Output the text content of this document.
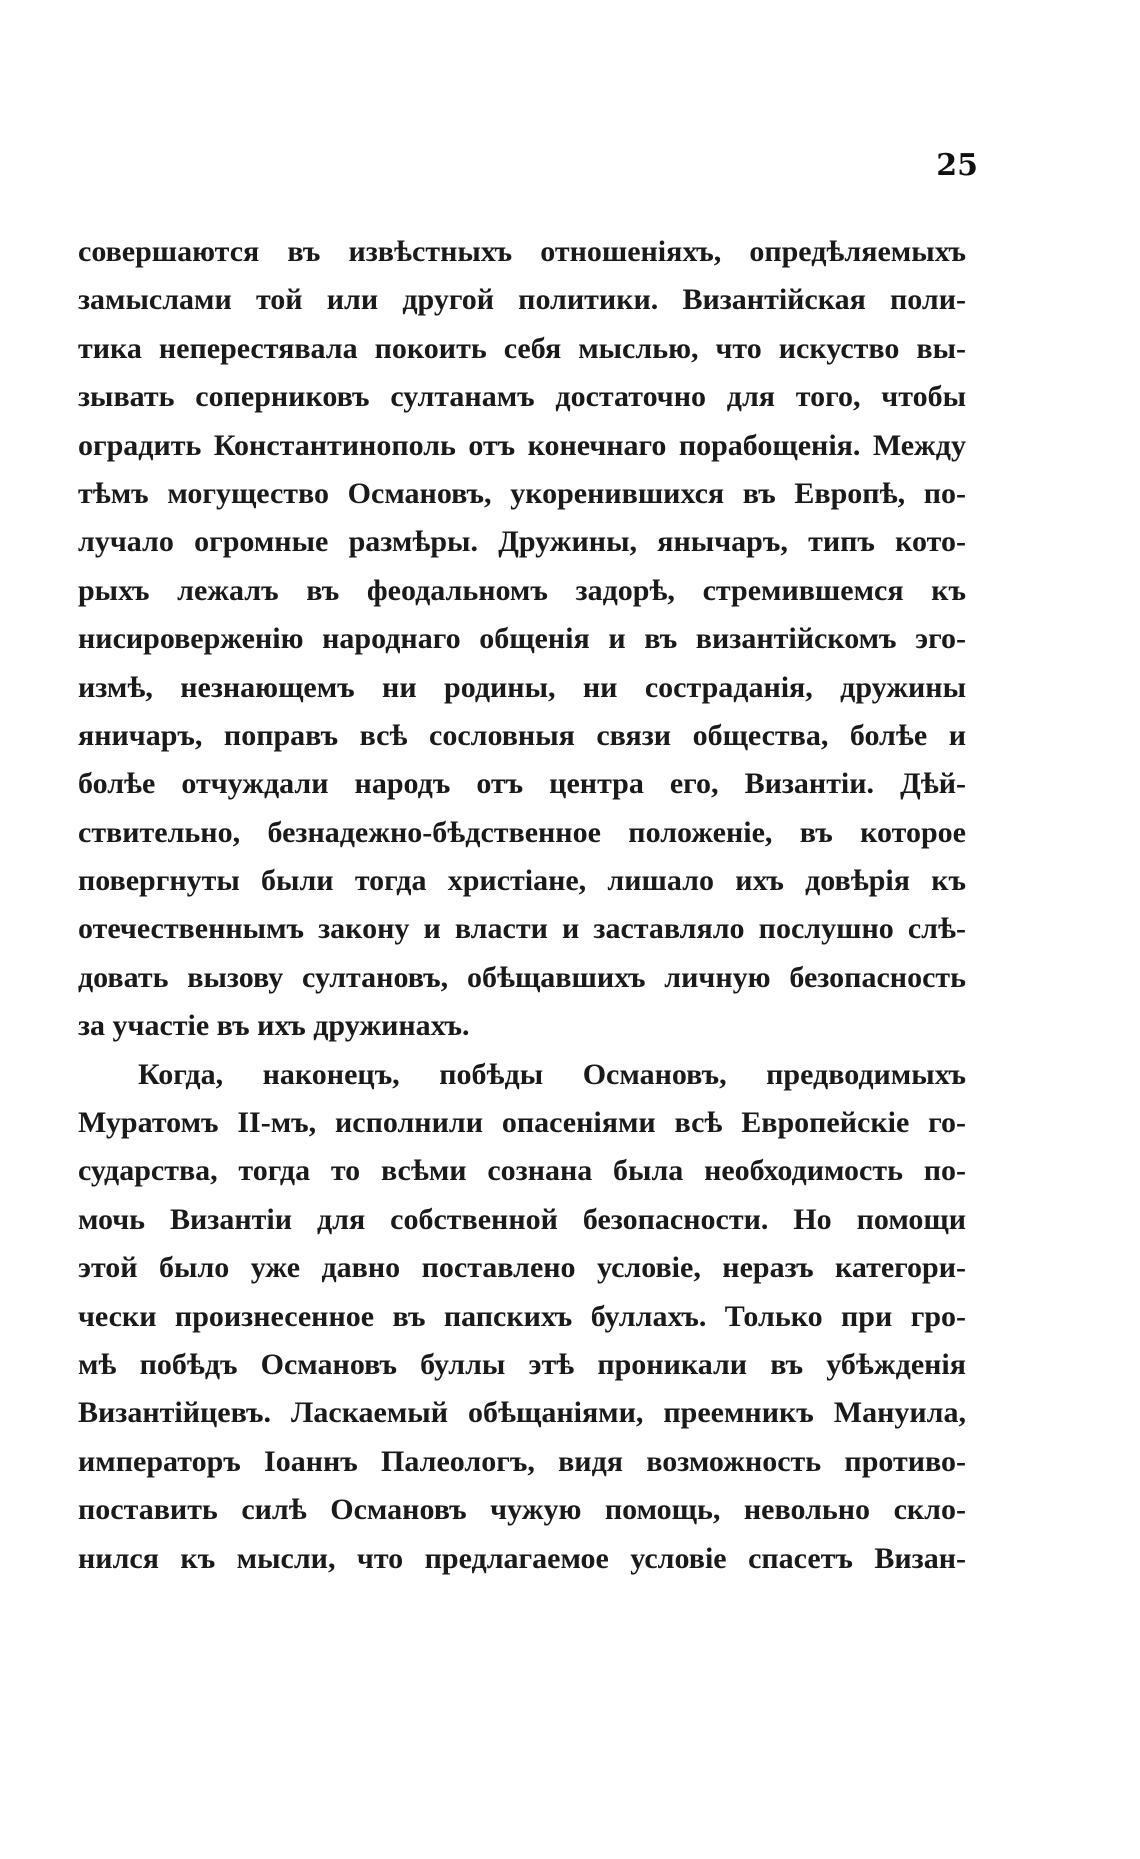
25
совершаются въ извѣстныхъ отношеніяхъ, опредѣляемыхъ
замыслами той или другой политики. Византійская поли-
тика неперестявала покоить себя мыслью, что искуство вы-
зывать соперниковъ султанамъ достаточно для того, чтобы
оградить Константинополь отъ конечнаго порабощенія. Между
тѣмъ могущество Османовъ, укоренившихся въ Европѣ, по-
лучало огромные размѣры. Дружины, янычаръ, типъ кото-
рыхъ лежалъ въ феодальномъ задорѣ, стремившемся къ
нисироверженію народнаго общенія и въ византійскомъ эго-
измѣ, незнающемъ ни родины, ни состраданія, дружины
яничаръ, поправъ всѣ сословныя связи общества, болѣе и
болѣе отчуждали народъ отъ центра его, Византіи. Дѣй-
ствительно, безнадежно-бѣдственное положеніе, въ которое
повергнуты были тогда христіане, лишало ихъ довѣрія къ
отечественнымъ закону и власти и заставляло послушно слѣ-
довать вызову султановъ, обѣщавшихъ личную безопасность
за участіе въ ихъ дружинахъ.
Когда, наконецъ, побѣды Османовъ, предводимыхъ
Муратомъ II-мъ, исполнили опасеніями всѣ Европейскіе го-
сударства, тогда то всѣми сознана была необходимость по-
мочь Византіи для собственной безопасности. Но помощи
этой было уже давно поставлено условіе, неразъ категори-
чески произнесенное въ папскихъ буллахъ. Только при гро-
мѣ побѣдъ Османовъ буллы этѣ проникали въ убѣжденія
Византійцевъ. Ласкаемый обѣщаніями, преемникъ Мануила,
императоръ Іоаннъ Палеологъ, видя возможность противо-
поставить силѣ Османовъ чужую помощь, невольно скло-
нился къ мысли, что предлагаемое условіе спасетъ Визан-
